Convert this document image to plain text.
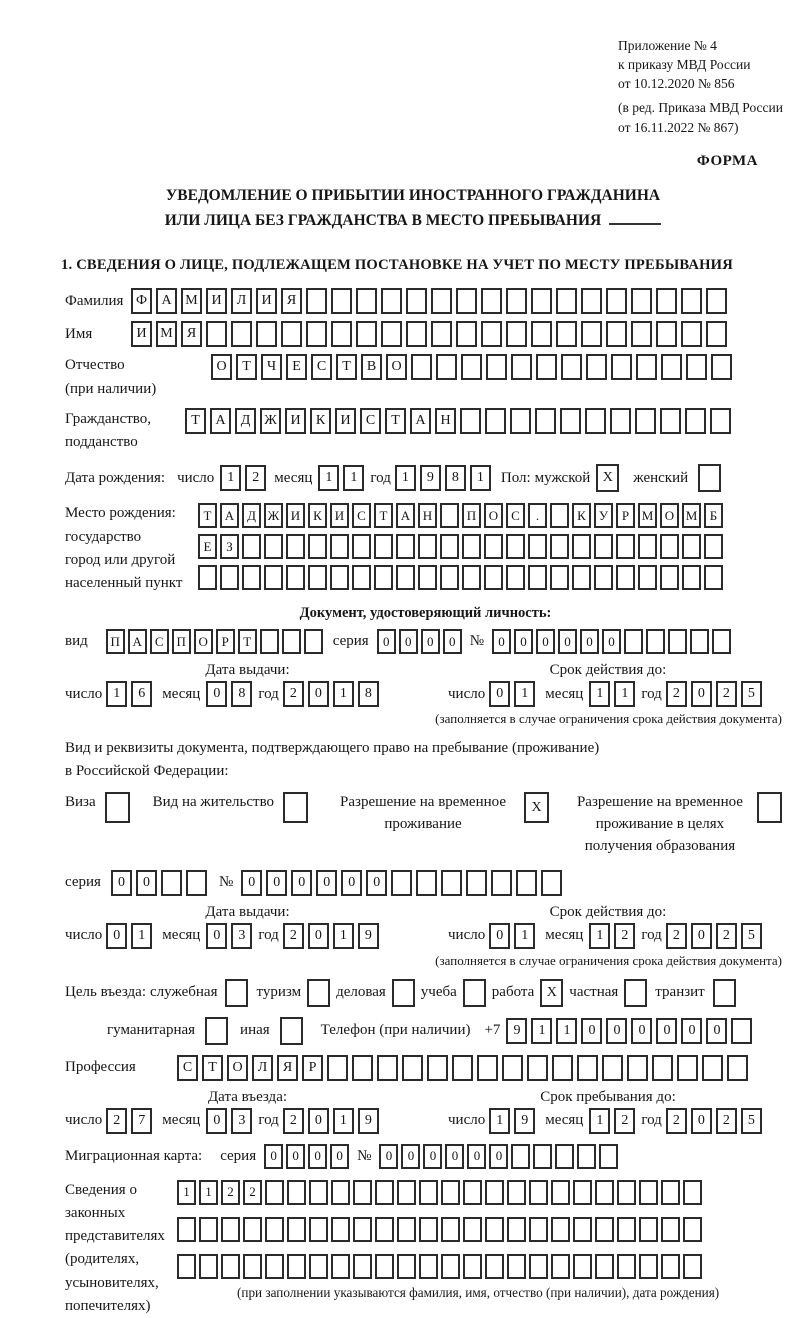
Приложение № 4
к приказу МВД России
от 10.12.2020 № 856
(в ред. Приказа МВД России
от 16.11.2022 № 867)
ФОРМА
УВЕДОМЛЕНИЕ О ПРИБЫТИИ ИНОСТРАННОГО ГРАЖДАНИНА
ИЛИ ЛИЦА БЕЗ ГРАЖДАНСТВА В МЕСТО ПРЕБЫВАНИЯ
1. СВЕДЕНИЯ О ЛИЦЕ, ПОДЛЕЖАЩЕМ ПОСТАНОВКЕ НА УЧЕТ ПО МЕСТУ ПРЕБЫВАНИЯ
Фамилия Ф	А М И	Л	И	Я
Имя	И М	Я
Отчество
(при наличии)
О	Т	Ч	Е	С	Т	В	О
Гражданство,
подданство
Т	А	Д Ж И	К	И	С	Т	А	Н
Дата рождения: число 1	2	месяц 1	1 год 1	9	8	1	Пол: мужской X	женский
Место рождения:
государство
город или другой
населенный пункт
Т	А Д Ж И К И С	Т	А Н	П О С	.	К	У	Р М О М Б
Е	З
Документ, удостоверяющий личность:
вид	П А С П О	Р	Т	серия	0	0	0	0 №	0	0	0	0	0	0
Дата выдачи:	Срок действия до:
число 1	6	месяц 0	8 год 2	0	1	8	число 0	1	месяц 1	1 год 2	0	2	5
(заполняется в случае ограничения срока действия документа)
Вид и реквизиты документа, подтверждающего право на пребывание (проживание)
в Российской Федерации:
Виза	Вид на жительство	Разрешение на временное проживание
X	Разрешение на временное проживание в целях получения образования
серия	0	0	№	0	0	0	0	0	0
Дата выдачи:	Срок действия до:
число 0	1	месяц 0	3 год 2	0	1	9	число 0	1	месяц 1	2 год 2	0	2	5
(заполняется в случае ограничения срока действия документа)
Цель въезда: служебная	туризм деловая учеба работа X частная транзит
гуманитарная	иная	Телефон (при наличии) +7 9	1	1	0	0	0	0	0	0
Профессия	С	Т	О	Л	Я	Р
Дата въезда:	Срок пребывания до:
число 2	7	месяц 0	3 год 2	0	1	9	число 1	9	месяц 1	2 год 2	0	2	5
Миграционная карта: серия	0	0	0	0 №	0	0	0	0	0	0
Сведения о
законных
представителях
(родителях,
усыновителях,
попечителях)
1	1	2	2
(при заполнении указываются фамилия, имя, отчество (при наличии), дата рождения)
